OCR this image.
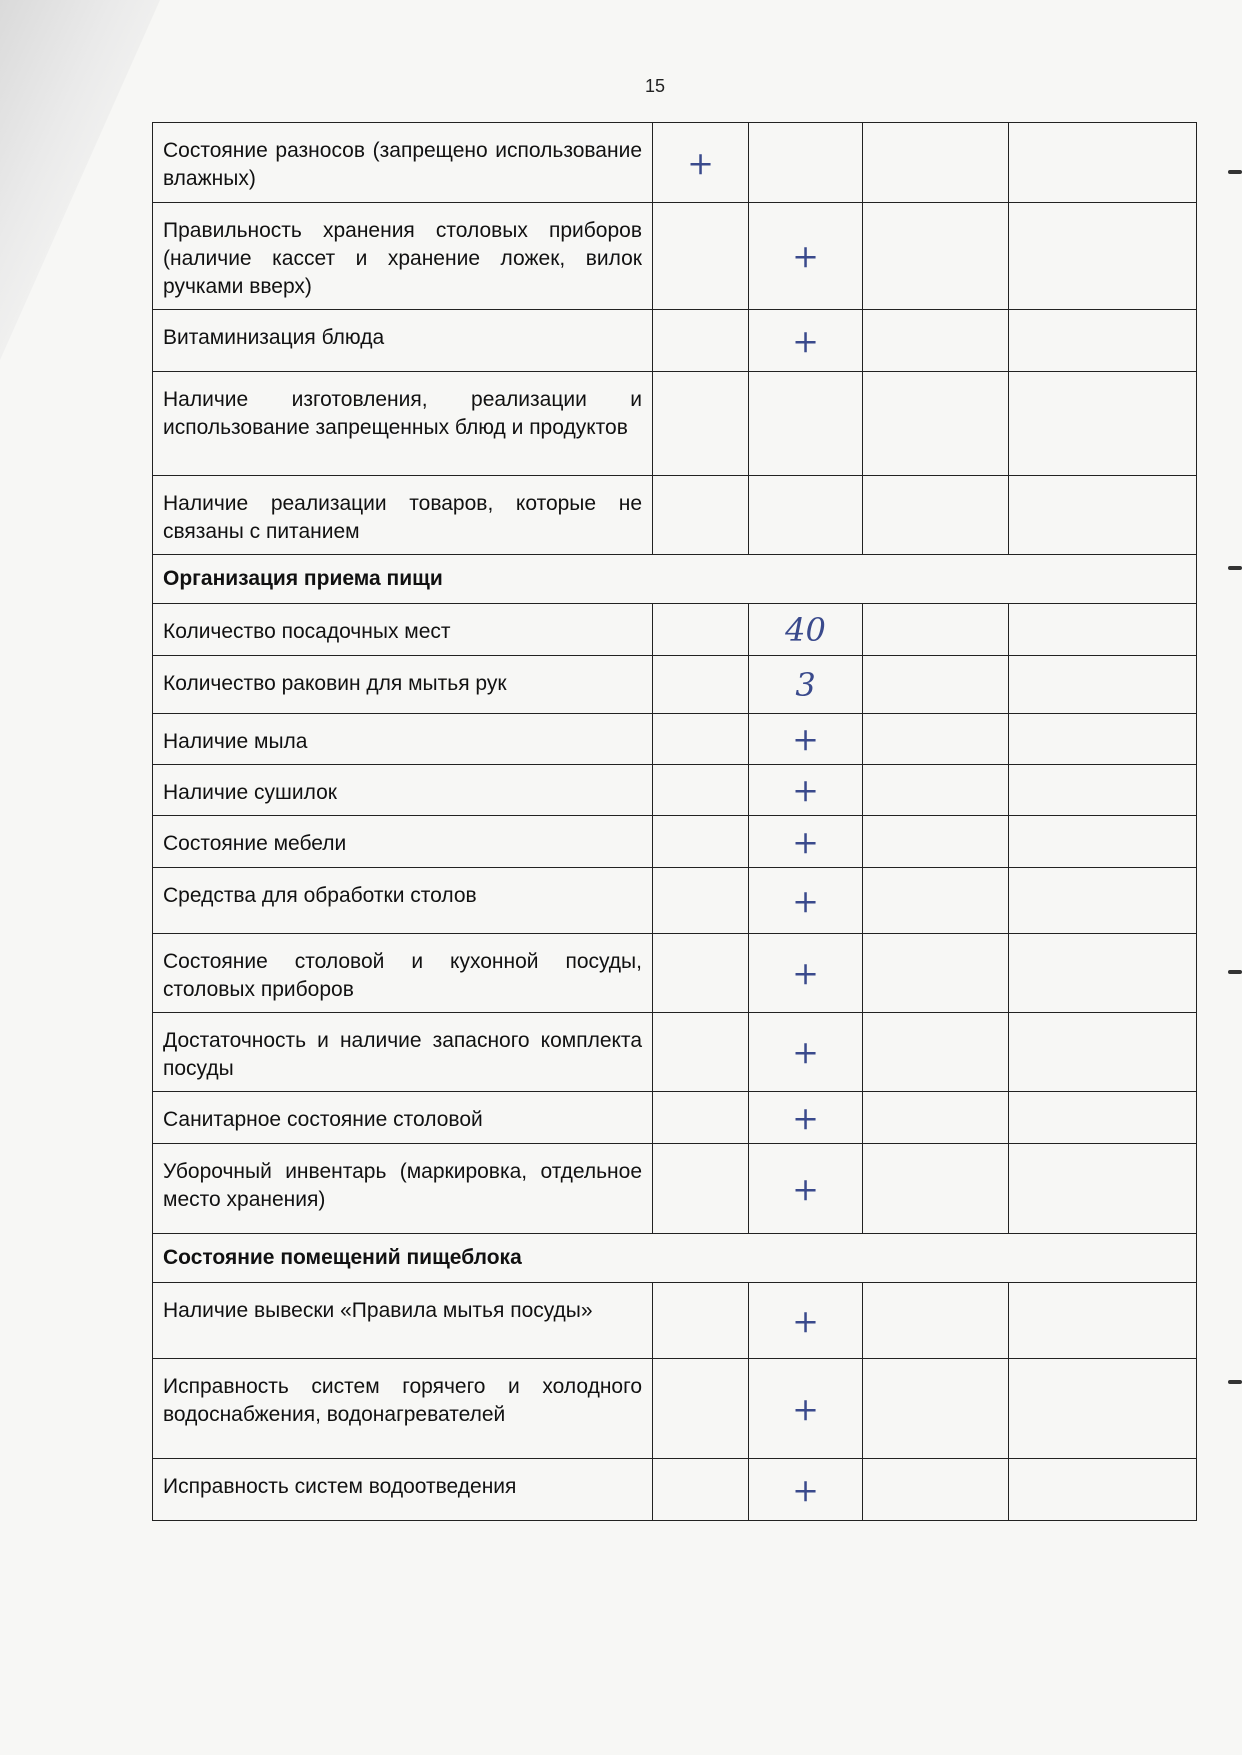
15
Состояние разносов (запрещено использование влажных)	+			
Правильность хранения столовых приборов (наличие кассет и хранение ложек, вилок ручками вверх)		+		
Витаминизация блюда		+		
Наличие изготовления, реализации и использование запрещенных блюд и продуктов				
Наличие реализации товаров, которые не связаны с питанием				
Организация приема пищи				
Количество посадочных мест		40		
Количество раковин для мытья рук		3		
Наличие мыла		+		
Наличие сушилок		+		
Состояние мебели		+		
Средства для обработки столов		+		
Состояние столовой и кухонной посуды, столовых приборов		+		
Достаточность и наличие запасного комплекта посуды		+		
Санитарное состояние столовой		+		
Уборочный инвентарь (маркировка, отдельное место хранения)		+		
Состояние помещений пищеблока				
Наличие вывески «Правила мытья посуды»		+		
Исправность систем горячего и холодного водоснабжения, водонагревателей		+		
Исправность систем водоотведения		+		
